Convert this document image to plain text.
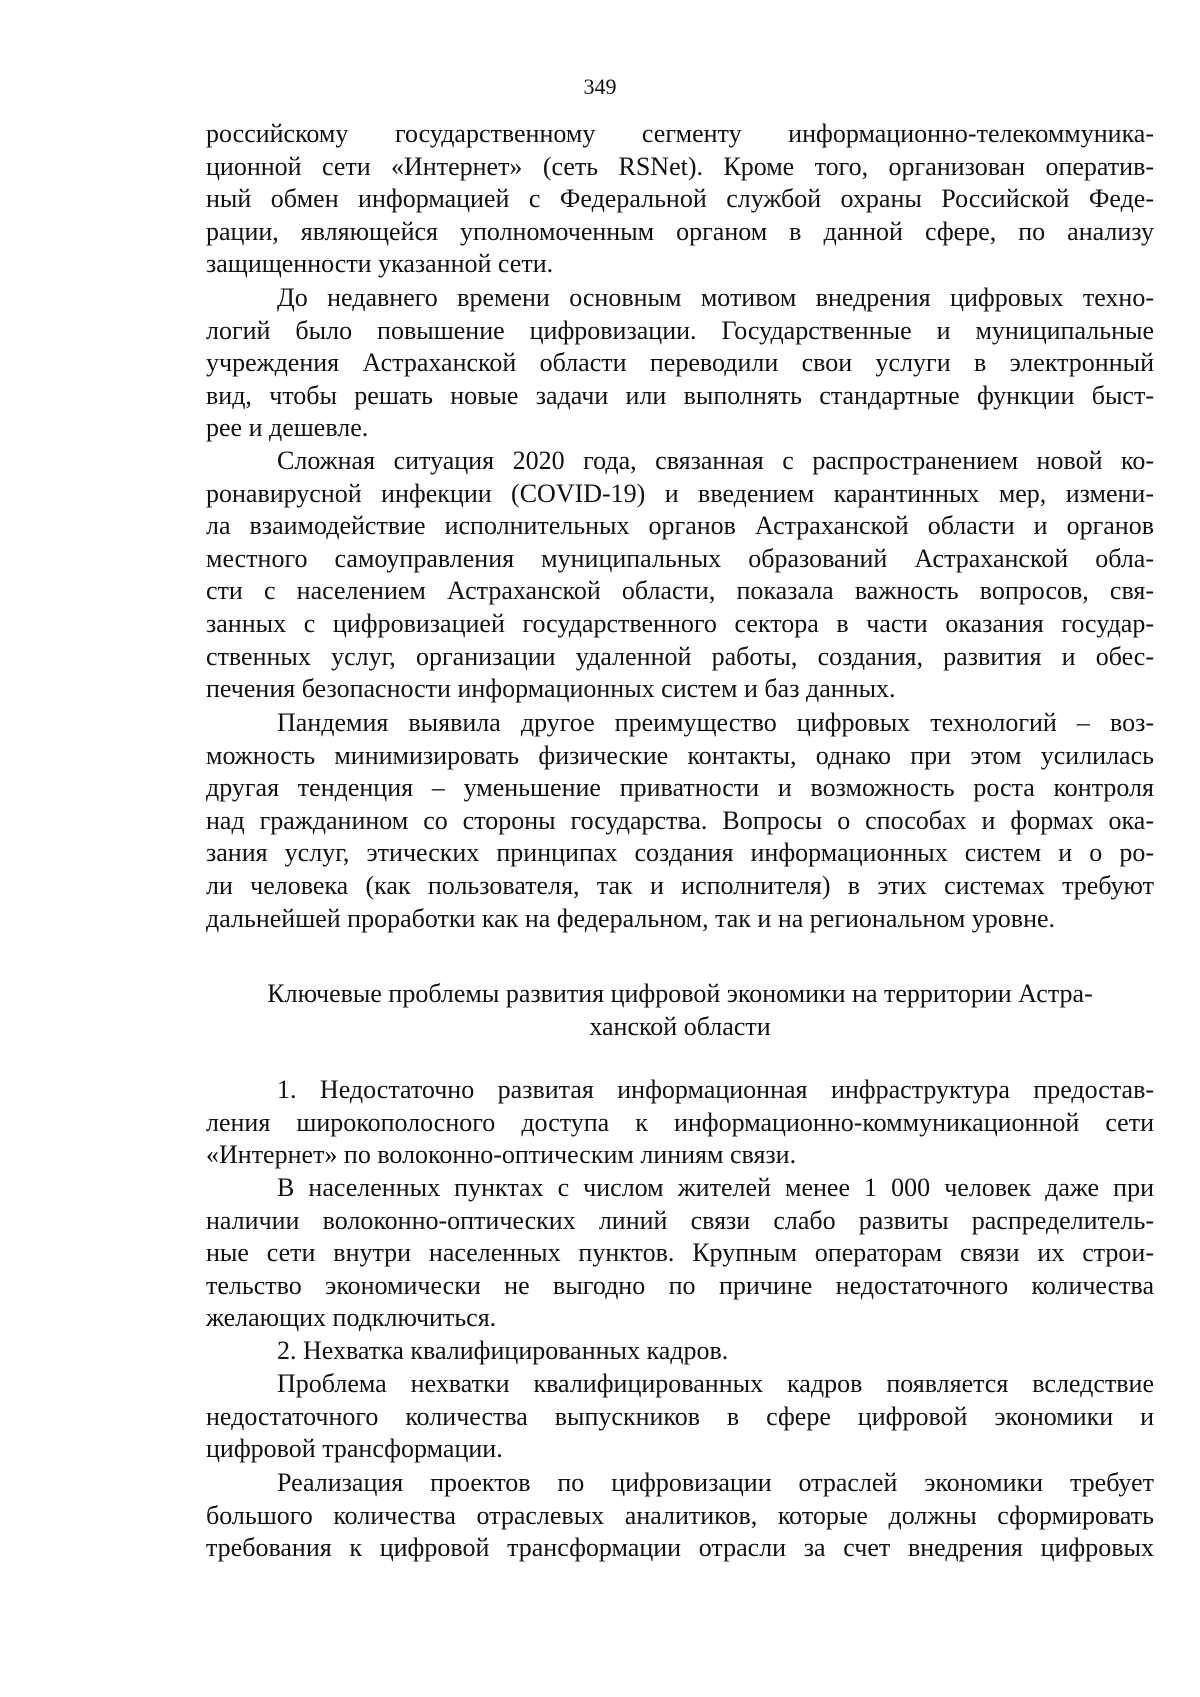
349

российскому государственному сегменту информационно-телекоммуника-
ционной сети «Интернет» (сеть RSNet). Кроме того, организован оператив-
ный обмен информацией с Федеральной службой охраны Российской Феде-
рации, являющейся уполномоченным органом в данной сфере, по анализу
защищенности указанной сети.

До недавнего времени основным мотивом внедрения цифровых техно-
логий было повышение цифровизации. Государственные и муниципальные
учреждения Астраханской области переводили свои услуги в электронный
вид, чтобы решать новые задачи или выполнять стандартные функции быст-
рее и дешевле.

Сложная ситуация 2020 года, связанная с распространением новой ко-
ронавирусной инфекции (COVID-19) и введением карантинных мер, измени-
ла взаимодействие исполнительных органов Астраханской области и органов
местного самоуправления муниципальных образований Астраханской обла-
сти с населением Астраханской области, показала важность вопросов, свя-
занных с цифровизацией государственного сектора в части оказания государ-
ственных услуг, организации удаленной работы, создания, развития и обес-
печения безопасности информационных систем и баз данных.

Пандемия выявила другое преимущество цифровых технологий – воз-
можность минимизировать физические контакты, однако при этом усилилась
другая тенденция – уменьшение приватности и возможность роста контроля
над гражданином со стороны государства. Вопросы о способах и формах ока-
зания услуг, этических принципах создания информационных систем и о ро-
ли человека (как пользователя, так и исполнителя) в этих системах требуют
дальнейшей проработки как на федеральном, так и на региональном уровне.

Ключевые проблемы развития цифровой экономики на территории Астра-
ханской области

1. Недостаточно развитая информационная инфраструктура предостав-
ления широкополосного доступа к информационно-коммуникационной сети
«Интернет» по волоконно-оптическим линиям связи.

В населенных пунктах с числом жителей менее 1 000 человек даже при
наличии волоконно-оптических линий связи слабо развиты распределитель-
ные сети внутри населенных пунктов. Крупным операторам связи их строи-
тельство экономически не выгодно по причине недостаточного количества
желающих подключиться.

2. Нехватка квалифицированных кадров.

Проблема нехватки квалифицированных кадров появляется вследствие
недостаточного количества выпускников в сфере цифровой экономики и
цифровой трансформации.

Реализация проектов по цифровизации отраслей экономики требует
большого количества отраслевых аналитиков, которые должны сформировать
требования к цифровой трансформации отрасли за счет внедрения цифровых
